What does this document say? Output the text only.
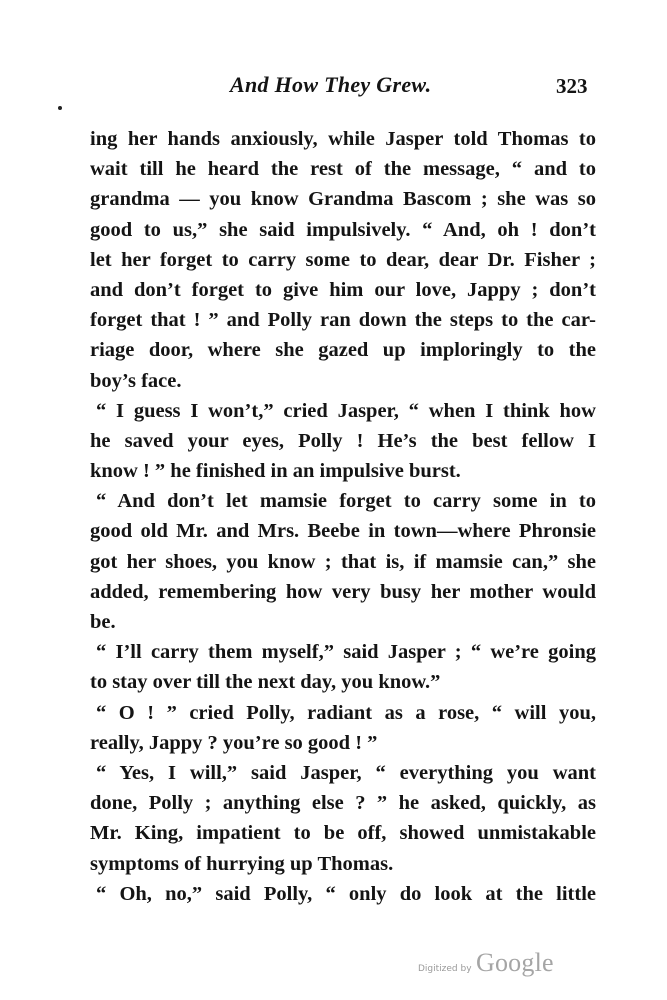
And How They Grew.	323
ing her hands anxiously, while Jasper told Thomas to
wait till he heard the rest of the message, “ and to
grandma — you know Grandma Bascom ; she was so
good to us,” she said impulsively. “ And, oh ! don’t
let her forget to carry some to dear, dear Dr. Fisher ;
and don’t forget to give him our love, Jappy ; don’t
forget that ! ” and Polly ran down the steps to the car-
riage door, where she gazed up imploringly to the
boy’s face.
“ I guess I won’t,” cried Jasper, “ when I think how
he saved your eyes, Polly ! He’s the best fellow I
know ! ” he finished in an impulsive burst.
“ And don’t let mamsie forget to carry some in to
good old Mr. and Mrs. Beebe in town—where Phronsie
got her shoes, you know ; that is, if mamsie can,” she
added, remembering how very busy her mother would
be.
“ I’ll carry them myself,” said Jasper ; “ we’re going
to stay over till the next day, you know.”
“ O ! ” cried Polly, radiant as a rose, “ will you,
really, Jappy ? you’re so good ! ”
“ Yes, I will,” said Jasper, “ everything you want
done, Polly ; anything else ? ” he asked, quickly, as
Mr. King, impatient to be off, showed unmistakable
symptoms of hurrying up Thomas.
“ Oh, no,” said Polly, “ only do look at the little
Digitized by Google
